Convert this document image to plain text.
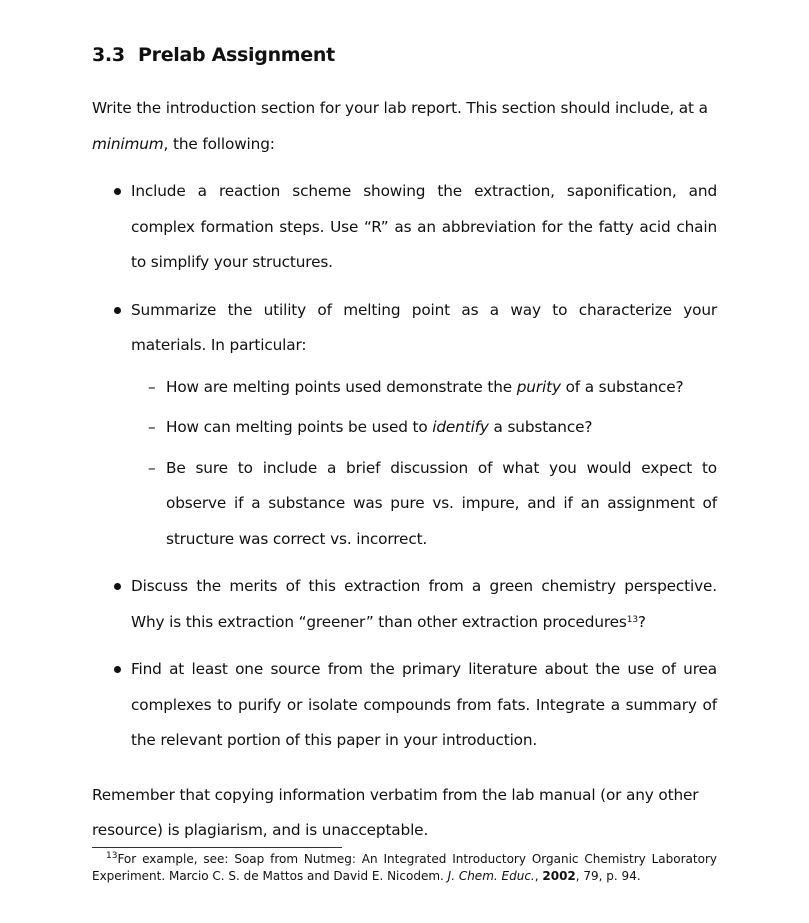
3.3 Prelab Assignment

Write the introduction section for your lab report. This section should include, at a minimum, the following:

Include a reaction scheme showing the extraction, saponification, and complex formation steps. Use “R” as an abbreviation for the fatty acid chain to simplify your structures.
Summarize the utility of melting point as a way to characterize your materials. In particular:
– How are melting points used demonstrate the purity of a substance?
– How can melting points be used to identify a substance?
– Be sure to include a brief discussion of what you would expect to observe if a substance was pure vs. impure, and if an assignment of structure was correct vs. incorrect.
Discuss the merits of this extraction from a green chemistry perspective. Why is this extraction “greener” than other extraction procedures$^{13}$?
Find at least one source from the primary literature about the use of urea complexes to purify or isolate compounds from fats. Integrate a summary of the relevant portion of this paper in your introduction.

Remember that copying information verbatim from the lab manual (or any other resource) is plagiarism, and is unacceptable.

$^{13}$For example, see: Soap from Nutmeg: An Integrated Introductory Organic Chemistry Laboratory Experiment. Marcio C. S. de Mattos and David E. Nicodem. J. Chem. Educ., 2002, 79, p. 94.
